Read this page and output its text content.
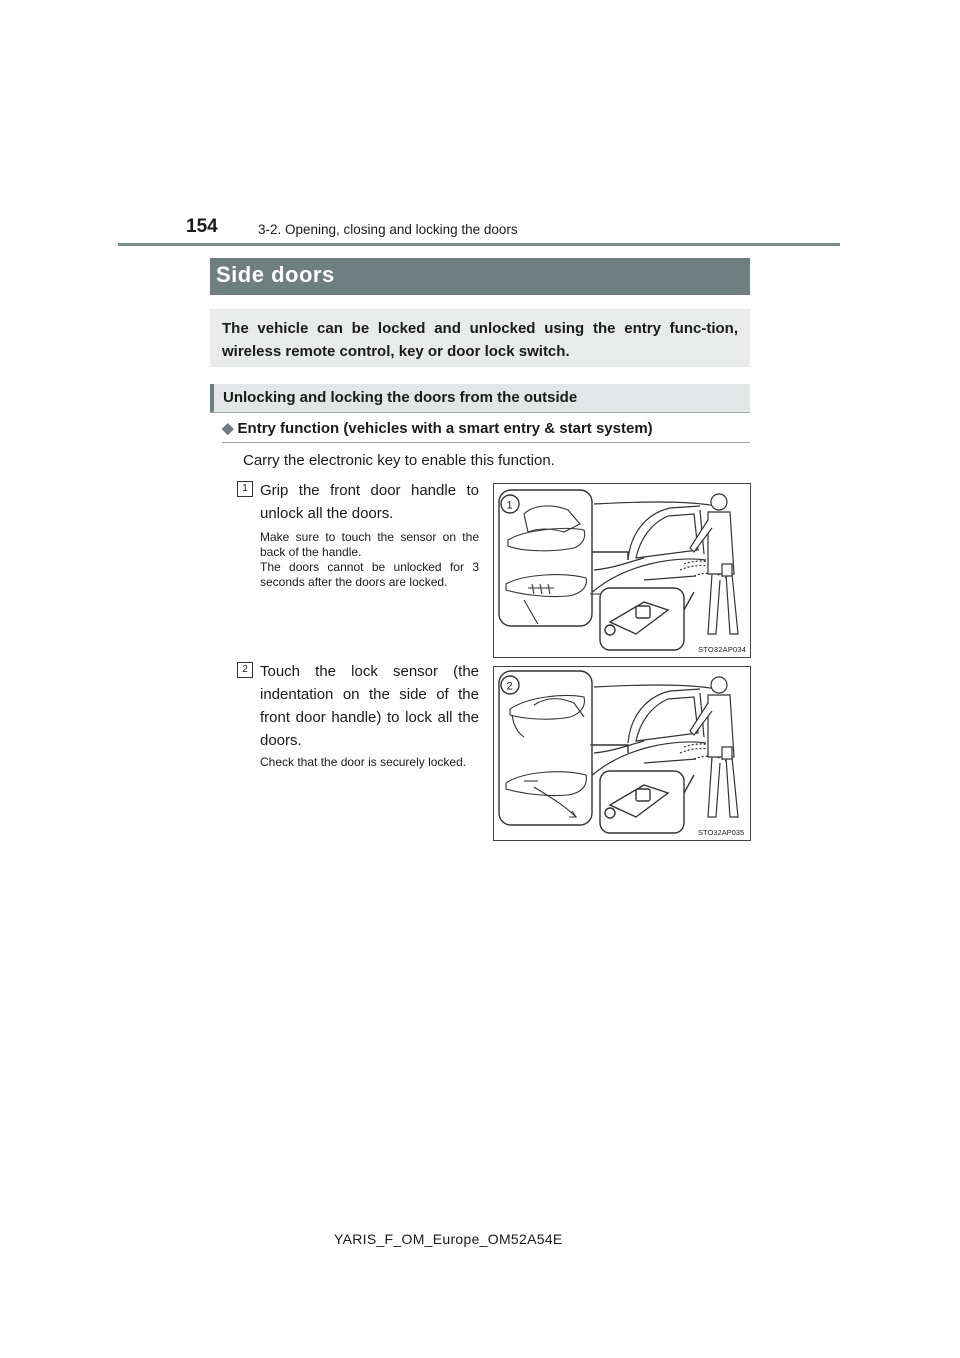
154	3-2. Opening, closing and locking the doors
Side doors
The vehicle can be locked and unlocked using the entry func-tion, wireless remote control, key or door lock switch.
Unlocking and locking the doors from the outside
◆ Entry function (vehicles with a smart entry & start system)
Carry the electronic key to enable this function.
1 Grip the front door handle to unlock all the doors.
Make sure to touch the sensor on the back of the handle.
The doors cannot be unlocked for 3 seconds after the doors are locked.
1
STO32AP034
2 Touch the lock sensor (the indentation on the side of the front door handle) to lock all the doors.
Check that the door is securely locked.
2
STO32AP035
YARIS_F_OM_Europe_OM52A54E
